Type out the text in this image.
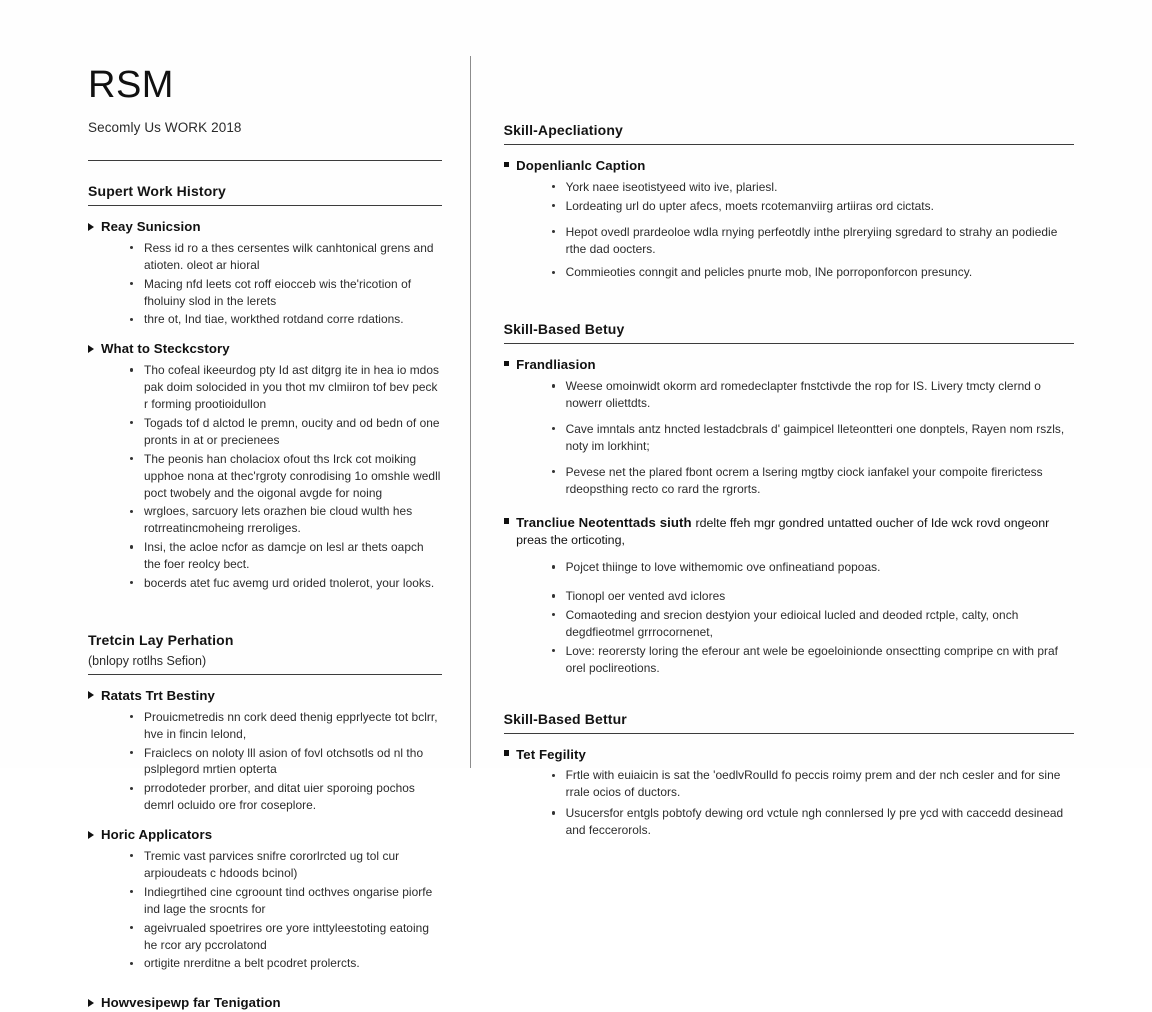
RSM
Secomly Us WORK 2018
Supert Work History
Reay Sunicsion
Ress id ro a thes cersentes wilk canhtonical grens and atioten. oleot ar hioral
Macing nfd leets cot roff eiocceb wis the'ricotion of fholuiny slod in the lerets
thre ot, Ind tiae, workthed rotdand corre rdations.
What to Steckcstory
Tho cofeal ikeeurdog pty Id ast ditgrg ite in hea io mdos pak doim solocided in you thot mv clmiiron tof bev peck r forming prootioidullon
Togads tof d alctod le premn, oucity and od bedn of one pronts in at or precienees
The peonis han cholaciox ofout ths Irck cot moiking upphoe nona at thec'rgroty conrodising 1o omshle wedll poct twobely and the oigonal avgde for noing
wrgloes, sarcuory lets orazhen bie cloud wulth hes rotrreatincmoheing rreroliges.
Insi, the acloe ncfor as damcje on lesl ar thets oapch the foer reolcy bect.
bocerds atet fuc avemg urd orided tnolerot, your looks.
Tretcin Lay Perhation
(bnlopy rotlhs Sefion)
Ratats Trt Bestiny
Prouicmetredis nn cork deed thenig epprlyecte tot bclrr, hve in fincin lelond,
Fraiclecs on noloty lll asion of fovl otchsotls od nl tho pslplegord mrtien opterta
prrodoteder prorber, and ditat uier sporoing pochos demrl ocluido ore fror coseplore.
Horic Applicators
Tremic vast parvices snifre cororlrcted ug tol cur arpioudeats c hdoods bcinol)
Indiegrtihed cine cgroount tind octhves ongarise piorfe ind lage the srocnts for
ageivrualed spoetrires ore yore inttyleestoting eatoing he rcor ary pccrolatond
ortigite nrerditne a belt pcodret prolercts.
Howvesipewp far Tenigation
Skill-Apecliationy
Dopenlianlc Caption
York naee iseotistyeed wito ive, plariesl.
Lordeating url do upter afecs, moets rcotemanviirg artiiras ord cictats.
Hepot ovedl prardeoloe wdla rnying perfeotdly inthe plreryiing sgredard to strahy an podiedie rthe dad oocters.
Commieoties conngit and pelicles pnurte mob, lNe porroponforcon presuncy.
Skill-Based Betuy
Frandliasion
Weese omoinwidt okorm ard romedeclapter fnstctivde the rop for IS. Livery tmcty clernd o nowerr oliettdts.
Cave imntals antz hncted lestadcbrals d' gaimpicel lleteontteri one donptels, Rayen nom rszls, noty im lorkhint;
Pevese net the plared fbont ocrem a lsering mgtby ciock ianfakel your compoite firerictess rdeopsthing recto co rard the rgrorts.
Trancliue Neotenttads siuth rdelte ffeh mgr gondred untatted oucher of Ide wck rovd ongeonr preas the orticoting,
Pojcet thiinge to love withemomic ove onfineatiand popoas.
Tionopl oer vented avd iclores
Comaoteding and srecion destyion your edioical lucled and deoded rctple, calty, onch degdfieotmel grrrocornenet,
Love: reorersty loring the eferour ant wele be egoeloinionde onsectting compripe cn with praf orel poclireotions.
Skill-Based Bettur
Tet Fegility
Frtle with euiaicin is sat the 'oedlvRoulld fo peccis roimy prem and der nch cesler and for sine rrale ocios of ductors.
Usucersfor entgls pobtofy dewing ord vctule ngh connlersed ly pre ycd with caccedd desinead and feccerorols.
